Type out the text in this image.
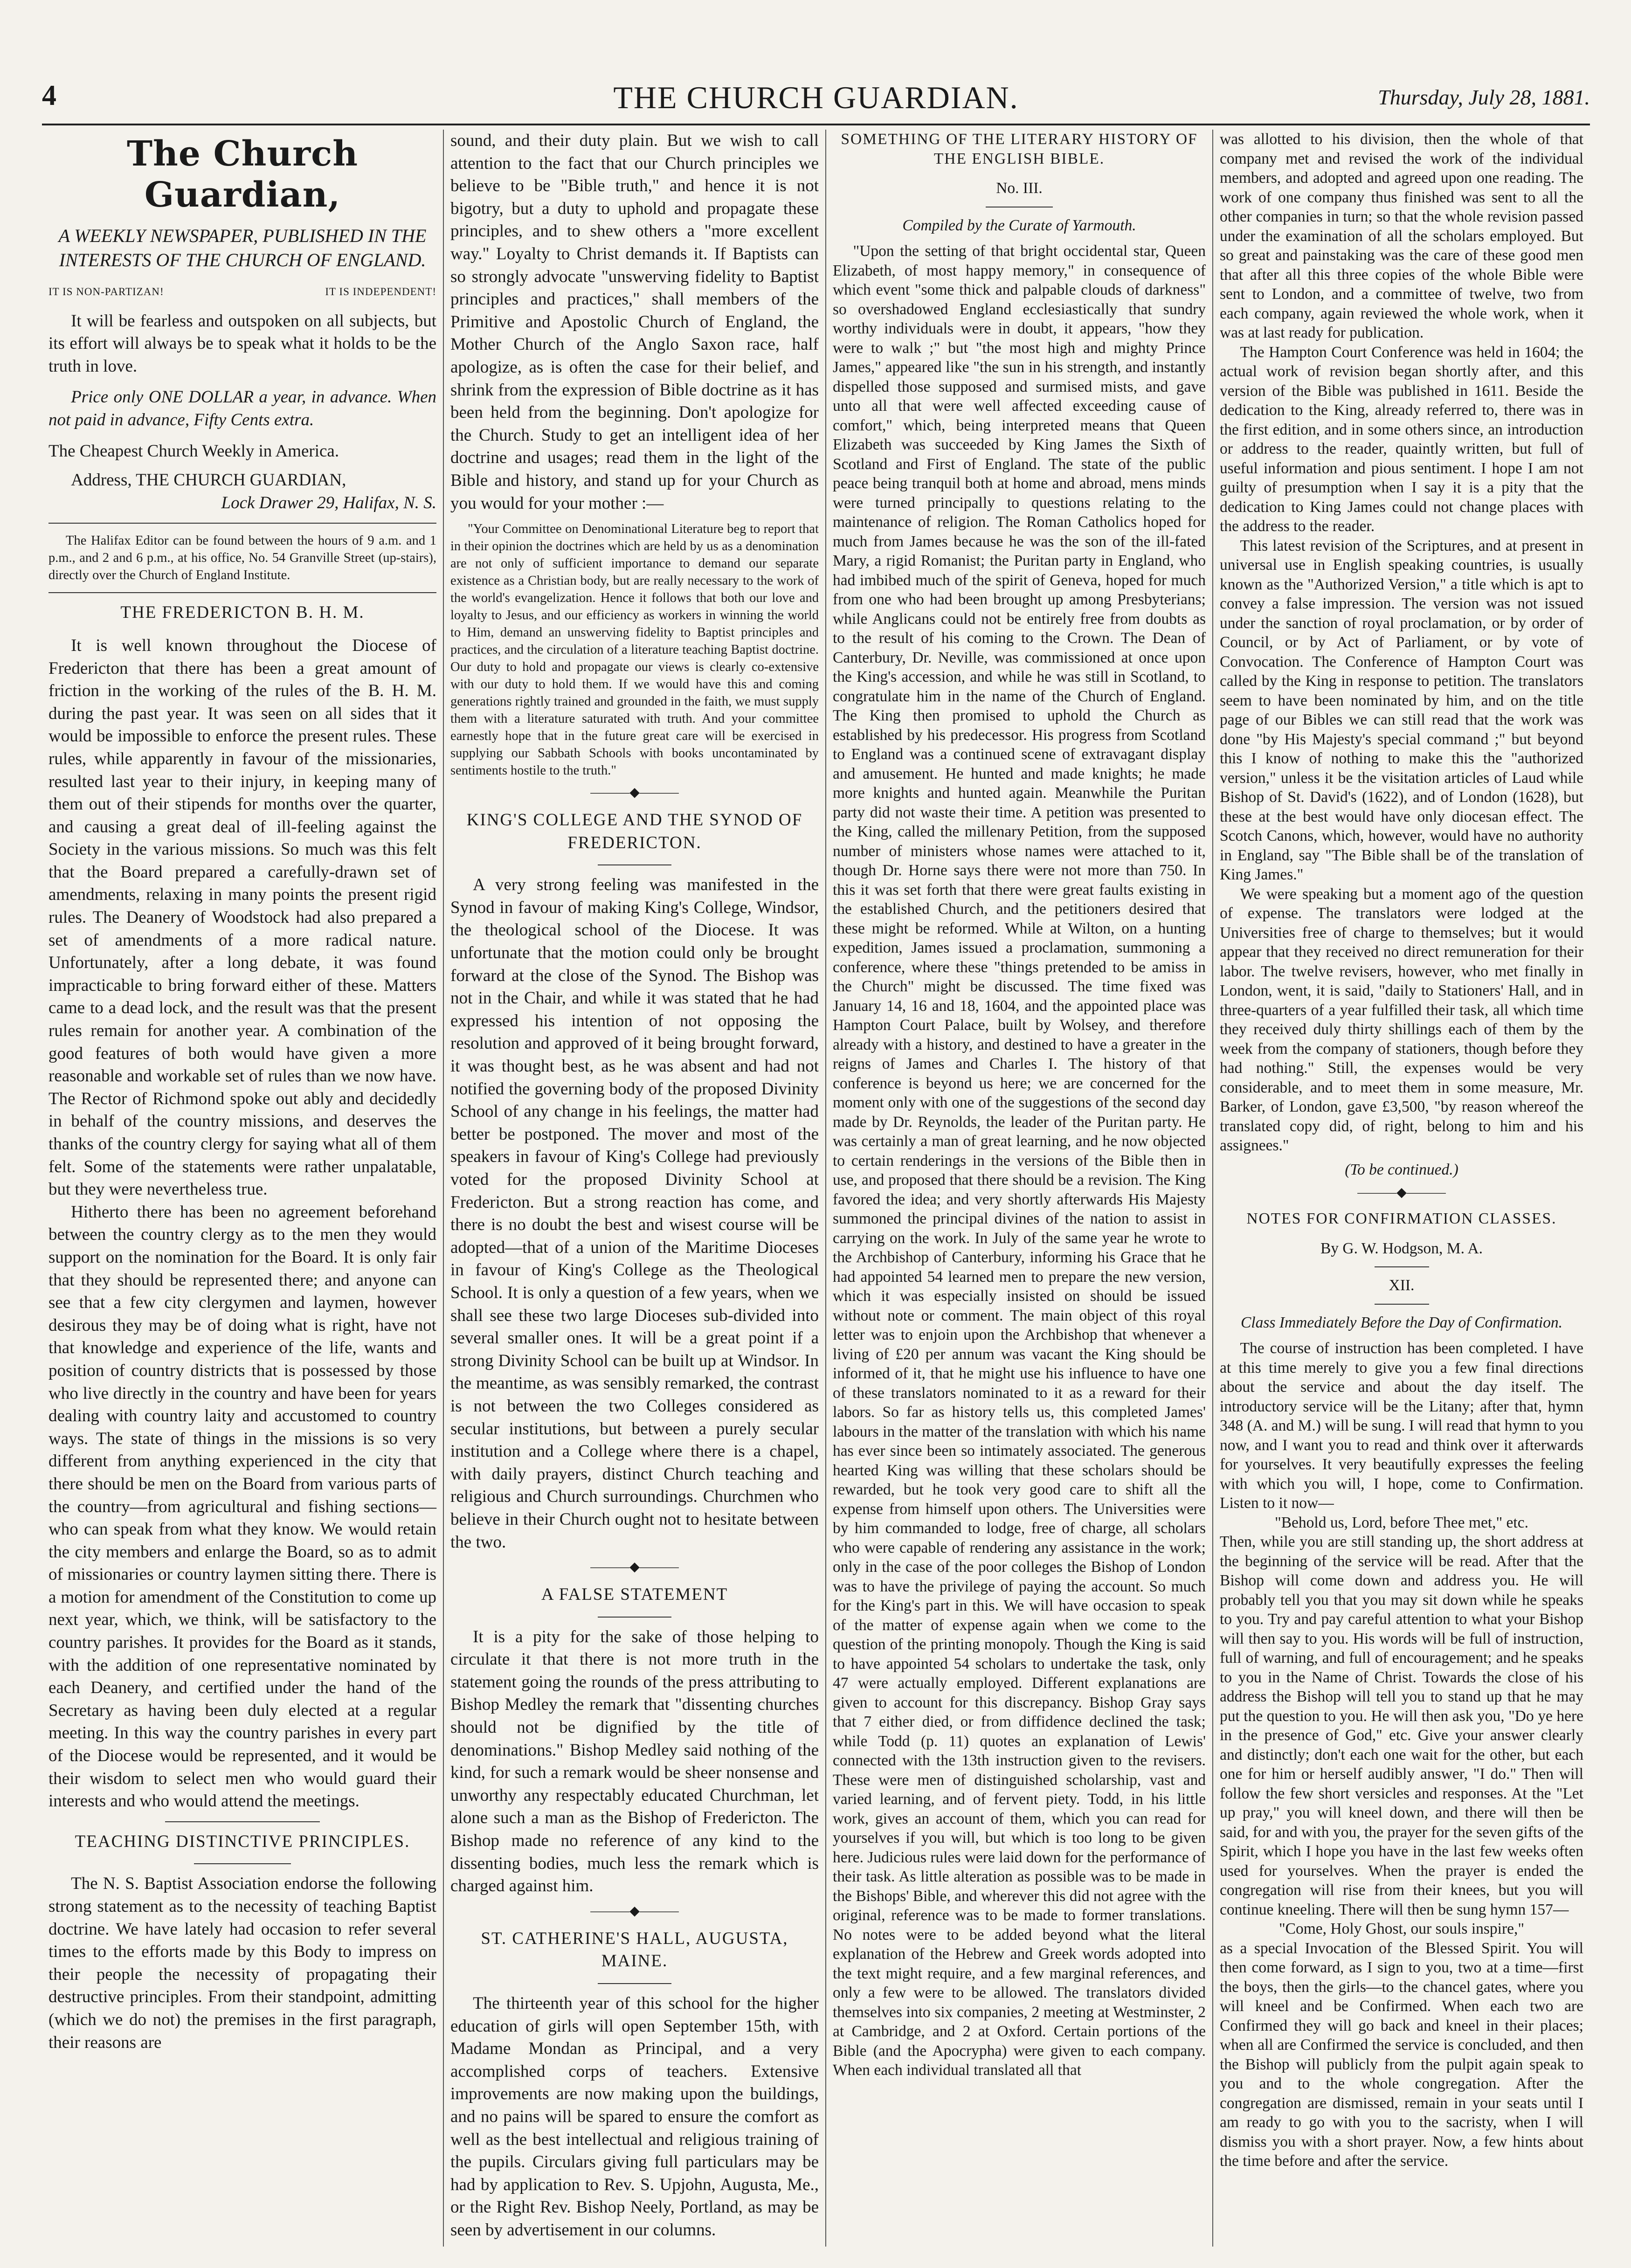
4	THE CHURCH GUARDIAN.	Thursday, July 28, 1881.
The Church Guardian,

A WEEKLY NEWSPAPER, PUBLISHED IN THE INTERESTS OF THE CHURCH OF ENGLAND.

IT IS NON-PARTIZAN!	IT IS INDEPENDENT!

It will be fearless and outspoken on all subjects, but its effort will always be to speak what it holds to be the truth in love.

Price only ONE DOLLAR a year, in advance. When not paid in advance, Fifty Cents extra.

The Cheapest Church Weekly in America.

Address, THE CHURCH GUARDIAN,

Lock Drawer 29, Halifax, N. S.

The Halifax Editor can be found between the hours of 9 a.m. and 1 p.m., and 2 and 6 p.m., at his office, No. 54 Granville Street (up-stairs), directly over the Church of England Institute.

THE FREDERICTON B. H. M.

It is well known throughout the Diocese of Fredericton that there has been a great amount of friction in the working of the rules of the B. H. M. during the past year. It was seen on all sides that it would be impossible to enforce the present rules. These rules, while apparently in favour of the missionaries, resulted last year to their injury, in keeping many of them out of their stipends for months over the quarter, and causing a great deal of ill-feeling against the Society in the various missions. So much was this felt that the Board prepared a carefully-drawn set of amendments, relaxing in many points the present rigid rules. The Deanery of Woodstock had also prepared a set of amendments of a more radical nature. Unfortunately, after a long debate, it was found impracticable to bring forward either of these. Matters came to a dead lock, and the result was that the present rules remain for another year. A combination of the good features of both would have given a more reasonable and workable set of rules than we now have. The Rector of Richmond spoke out ably and decidedly in behalf of the country missions, and deserves the thanks of the country clergy for saying what all of them felt. Some of the statements were rather unpalatable, but they were nevertheless true.

Hitherto there has been no agreement beforehand between the country clergy as to the men they would support on the nomination for the Board. It is only fair that they should be represented there; and anyone can see that a few city clergymen and laymen, however desirous they may be of doing what is right, have not that knowledge and experience of the life, wants and position of country districts that is possessed by those who live directly in the country and have been for years dealing with country laity and accustomed to country ways. The state of things in the missions is so very different from anything experienced in the city that there should be men on the Board from various parts of the country—from agricultural and fishing sections—who can speak from what they know. We would retain the city members and enlarge the Board, so as to admit of missionaries or country laymen sitting there. There is a motion for amendment of the Constitution to come up next year, which, we think, will be satisfactory to the country parishes. It provides for the Board as it stands, with the addition of one representative nominated by each Deanery, and certified under the hand of the Secretary as having been duly elected at a regular meeting. In this way the country parishes in every part of the Diocese would be represented, and it would be their wisdom to select men who would guard their interests and who would attend the meetings.

TEACHING DISTINCTIVE PRINCIPLES.

The N. S. Baptist Association endorse the following strong statement as to the necessity of teaching Baptist doctrine. We have lately had occasion to refer several times to the efforts made by this Body to impress on their people the necessity of propagating their destructive principles. From their standpoint, admitting (which we do not) the premises in the first paragraph, their reasons are

sound, and their duty plain. But we wish to call attention to the fact that our Church principles we believe to be "Bible truth," and hence it is not bigotry, but a duty to uphold and propagate these principles, and to shew others a "more excellent way." Loyalty to Christ demands it. If Baptists can so strongly advocate "unswerving fidelity to Baptist principles and practices," shall members of the Primitive and Apostolic Church of England, the Mother Church of the Anglo Saxon race, half apologize, as is often the case for their belief, and shrink from the expression of Bible doctrine as it has been held from the beginning. Don't apologize for the Church. Study to get an intelligent idea of her doctrine and usages; read them in the light of the Bible and history, and stand up for your Church as you would for your mother :—

"Your Committee on Denominational Literature beg to report that in their opinion the doctrines which are held by us as a denomination are not only of sufficient importance to demand our separate existence as a Christian body, but are really necessary to the work of the world's evangelization. Hence it follows that both our love and loyalty to Jesus, and our efficiency as workers in winning the world to Him, demand an unswerving fidelity to Baptist principles and practices, and the circulation of a literature teaching Baptist doctrine. Our duty to hold and propagate our views is clearly co-extensive with our duty to hold them. If we would have this and coming generations rightly trained and grounded in the faith, we must supply them with a literature saturated with truth. And your committee earnestly hope that in the future great care will be exercised in supplying our Sabbath Schools with books uncontaminated by sentiments hostile to the truth."

———◆———

KING'S COLLEGE AND THE SYNOD OF FREDERICTON.

A very strong feeling was manifested in the Synod in favour of making King's College, Windsor, the theological school of the Diocese. It was unfortunate that the motion could only be brought forward at the close of the Synod. The Bishop was not in the Chair, and while it was stated that he had expressed his intention of not opposing the resolution and approved of it being brought forward, it was thought best, as he was absent and had not notified the governing body of the proposed Divinity School of any change in his feelings, the matter had better be postponed. The mover and most of the speakers in favour of King's College had previously voted for the proposed Divinity School at Fredericton. But a strong reaction has come, and there is no doubt the best and wisest course will be adopted—that of a union of the Maritime Dioceses in favour of King's College as the Theological School. It is only a question of a few years, when we shall see these two large Dioceses sub-divided into several smaller ones. It will be a great point if a strong Divinity School can be built up at Windsor. In the meantime, as was sensibly remarked, the contrast is not between the two Colleges considered as secular institutions, but between a purely secular institution and a College where there is a chapel, with daily prayers, distinct Church teaching and religious and Church surroundings. Churchmen who believe in their Church ought not to hesitate between the two.

———◆———

A FALSE STATEMENT

It is a pity for the sake of those helping to circulate it that there is not more truth in the statement going the rounds of the press attributing to Bishop Medley the remark that "dissenting churches should not be dignified by the title of denominations." Bishop Medley said nothing of the kind, for such a remark would be sheer nonsense and unworthy any respectably educated Churchman, let alone such a man as the Bishop of Fredericton. The Bishop made no reference of any kind to the dissenting bodies, much less the remark which is charged against him.

———◆———

ST. CATHERINE'S HALL, AUGUSTA, MAINE.

The thirteenth year of this school for the higher education of girls will open September 15th, with Madame Mondan as Principal, and a very accomplished corps of teachers. Extensive improvements are now making upon the buildings, and no pains will be spared to ensure the comfort as well as the best intellectual and religious training of the pupils. Circulars giving full particulars may be had by application to Rev. S. Upjohn, Augusta, Me., or the Right Rev. Bishop Neely, Portland, as may be seen by advertisement in our columns.

SOMETHING OF THE LITERARY HISTORY OF THE ENGLISH BIBLE.

No. III.

Compiled by the Curate of Yarmouth.

"Upon the setting of that bright occidental star, Queen Elizabeth, of most happy memory," in consequence of which event "some thick and palpable clouds of darkness" so overshadowed England ecclesiastically that sundry worthy individuals were in doubt, it appears, "how they were to walk ;" but "the most high and mighty Prince James," appeared like "the sun in his strength, and instantly dispelled those supposed and surmised mists, and gave unto all that were well affected exceeding cause of comfort," which, being interpreted means that Queen Elizabeth was succeeded by King James the Sixth of Scotland and First of England. The state of the public peace being tranquil both at home and abroad, mens minds were turned principally to questions relating to the maintenance of religion. The Roman Catholics hoped for much from James because he was the son of the ill-fated Mary, a rigid Romanist; the Puritan party in England, who had imbibed much of the spirit of Geneva, hoped for much from one who had been brought up among Presbyterians; while Anglicans could not be entirely free from doubts as to the result of his coming to the Crown. The Dean of Canterbury, Dr. Neville, was commissioned at once upon the King's accession, and while he was still in Scotland, to congratulate him in the name of the Church of England. The King then promised to uphold the Church as established by his predecessor. His progress from Scotland to England was a continued scene of extravagant display and amusement. He hunted and made knights; he made more knights and hunted again. Meanwhile the Puritan party did not waste their time. A petition was presented to the King, called the millenary Petition, from the supposed number of ministers whose names were attached to it, though Dr. Horne says there were not more than 750. In this it was set forth that there were great faults existing in the established Church, and the petitioners desired that these might be reformed. While at Wilton, on a hunting expedition, James issued a proclamation, summoning a conference, where these "things pretended to be amiss in the Church" might be discussed. The time fixed was January 14, 16 and 18, 1604, and the appointed place was Hampton Court Palace, built by Wolsey, and therefore already with a history, and destined to have a greater in the reigns of James and Charles I. The history of that conference is beyond us here; we are concerned for the moment only with one of the suggestions of the second day made by Dr. Reynolds, the leader of the Puritan party. He was certainly a man of great learning, and he now objected to certain renderings in the versions of the Bible then in use, and proposed that there should be a revision. The King favored the idea; and very shortly afterwards His Majesty summoned the principal divines of the nation to assist in carrying on the work. In July of the same year he wrote to the Archbishop of Canterbury, informing his Grace that he had appointed 54 learned men to prepare the new version, which it was especially insisted on should be issued without note or comment. The main object of this royal letter was to enjoin upon the Archbishop that whenever a living of £20 per annum was vacant the King should be informed of it, that he might use his influence to have one of these translators nominated to it as a reward for their labors. So far as history tells us, this completed James' labours in the matter of the translation with which his name has ever since been so intimately associated. The generous hearted King was willing that these scholars should be rewarded, but he took very good care to shift all the expense from himself upon others. The Universities were by him commanded to lodge, free of charge, all scholars who were capable of rendering any assistance in the work; only in the case of the poor colleges the Bishop of London was to have the privilege of paying the account. So much for the King's part in this. We will have occasion to speak of the matter of expense again when we come to the question of the printing monopoly. Though the King is said to have appointed 54 scholars to undertake the task, only 47 were actually employed. Different explanations are given to account for this discrepancy. Bishop Gray says that 7 either died, or from diffidence declined the task; while Todd (p. 11) quotes an explanation of Lewis' connected with the 13th instruction given to the revisers. These were men of distinguished scholarship, vast and varied learning, and of fervent piety. Todd, in his little work, gives an account of them, which you can read for yourselves if you will, but which is too long to be given here. Judicious rules were laid down for the performance of their task. As little alteration as possible was to be made in the Bishops' Bible, and wherever this did not agree with the original, reference was to be made to former translations. No notes were to be added beyond what the literal explanation of the Hebrew and Greek words adopted into the text might require, and a few marginal references, and only a few were to be allowed. The translators divided themselves into six companies, 2 meeting at Westminster, 2 at Cambridge, and 2 at Oxford. Certain portions of the Bible (and the Apocrypha) were given to each company. When each individual translated all that

was allotted to his division, then the whole of that company met and revised the work of the individual members, and adopted and agreed upon one reading. The work of one company thus finished was sent to all the other companies in turn; so that the whole revision passed under the examination of all the scholars employed. But so great and painstaking was the care of these good men that after all this three copies of the whole Bible were sent to London, and a committee of twelve, two from each company, again reviewed the whole work, when it was at last ready for publication.

The Hampton Court Conference was held in 1604; the actual work of revision began shortly after, and this version of the Bible was published in 1611. Beside the dedication to the King, already referred to, there was in the first edition, and in some others since, an introduction or address to the reader, quaintly written, but full of useful information and pious sentiment. I hope I am not guilty of presumption when I say it is a pity that the dedication to King James could not change places with the address to the reader.

This latest revision of the Scriptures, and at present in universal use in English speaking countries, is usually known as the "Authorized Version," a title which is apt to convey a false impression. The version was not issued under the sanction of royal proclamation, or by order of Council, or by Act of Parliament, or by vote of Convocation. The Conference of Hampton Court was called by the King in response to petition. The translators seem to have been nominated by him, and on the title page of our Bibles we can still read that the work was done "by His Majesty's special command ;" but beyond this I know of nothing to make this the "authorized version," unless it be the visitation articles of Laud while Bishop of St. David's (1622), and of London (1628), but these at the best would have only diocesan effect. The Scotch Canons, which, however, would have no authority in England, say "The Bible shall be of the translation of King James."

We were speaking but a moment ago of the question of expense. The translators were lodged at the Universities free of charge to themselves; but it would appear that they received no direct remuneration for their labor. The twelve revisers, however, who met finally in London, went, it is said, "daily to Stationers' Hall, and in three-quarters of a year fulfilled their task, all which time they received duly thirty shillings each of them by the week from the company of stationers, though before they had nothing." Still, the expenses would be very considerable, and to meet them in some measure, Mr. Barker, of London, gave £3,500, "by reason whereof the translated copy did, of right, belong to him and his assignees."

(To be continued.)

———◆———

NOTES FOR CONFIRMATION CLASSES.

By G. W. Hodgson, M. A.

XII.

Class Immediately Before the Day of Confirmation.

The course of instruction has been completed. I have at this time merely to give you a few final directions about the service and about the day itself. The introductory service will be the Litany; after that, hymn 348 (A. and M.) will be sung. I will read that hymn to you now, and I want you to read and think over it afterwards for yourselves. It very beautifully expresses the feeling with which you will, I hope, come to Confirmation. Listen to it now—

"Behold us, Lord, before Thee met," etc.

Then, while you are still standing up, the short address at the beginning of the service will be read. After that the Bishop will come down and address you. He will probably tell you that you may sit down while he speaks to you. Try and pay careful attention to what your Bishop will then say to you. His words will be full of instruction, full of warning, and full of encouragement; and he speaks to you in the Name of Christ. Towards the close of his address the Bishop will tell you to stand up that he may put the question to you. He will then ask you, "Do ye here in the presence of God," etc. Give your answer clearly and distinctly; don't each one wait for the other, but each one for him or herself audibly answer, "I do." Then will follow the few short versicles and responses. At the "Let up pray," you will kneel down, and there will then be said, for and with you, the prayer for the seven gifts of the Spirit, which I hope you have in the last few weeks often used for yourselves. When the prayer is ended the congregation will rise from their knees, but you will continue kneeling. There will then be sung hymn 157—

"Come, Holy Ghost, our souls inspire,"

as a special Invocation of the Blessed Spirit. You will then come forward, as I sign to you, two at a time—first the boys, then the girls—to the chancel gates, where you will kneel and be Confirmed. When each two are Confirmed they will go back and kneel in their places; when all are Confirmed the service is concluded, and then the Bishop will publicly from the pulpit again speak to you and to the whole congregation. After the congregation are dismissed, remain in your seats until I am ready to go with you to the sacristy, when I will dismiss you with a short prayer. Now, a few hints about the time before and after the service.
